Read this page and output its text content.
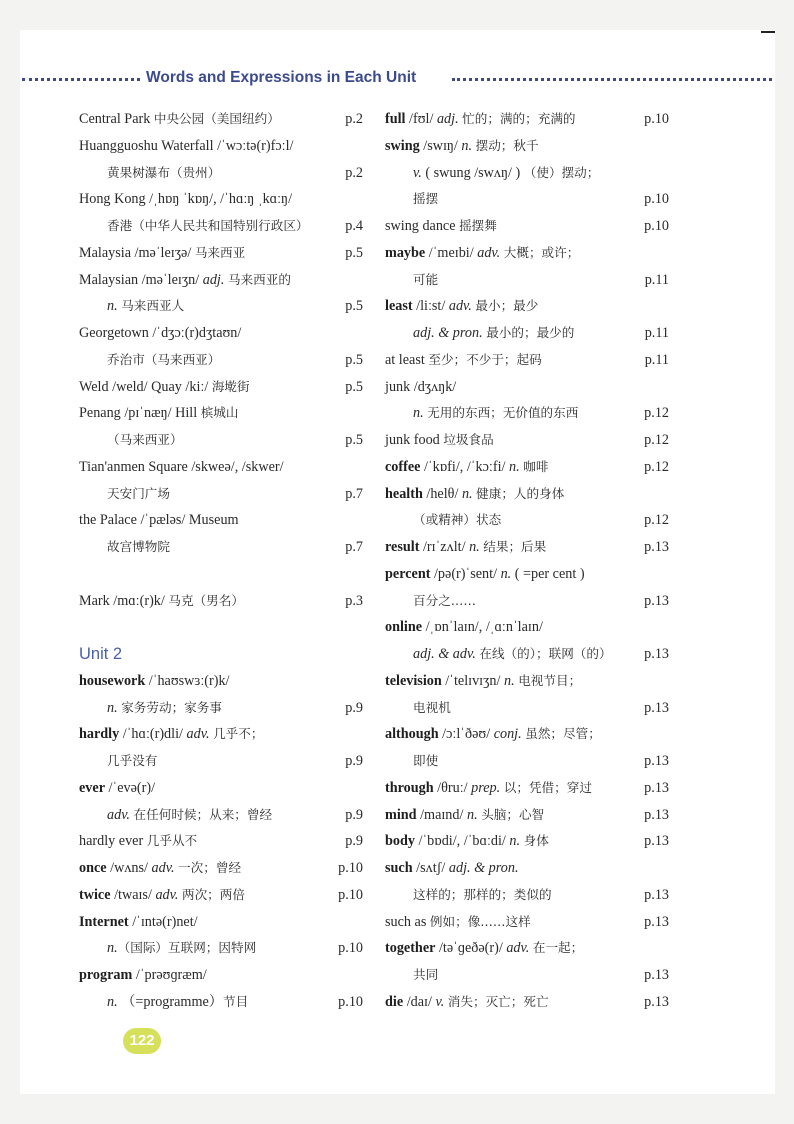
Words and Expressions in Each Unit
Central Park 中央公园（美国纽约）	p.2
Huangguoshu Waterfall /ˈwɔːtə(r)fɔːl/
黄果树瀑布（贵州）	p.2
Hong Kong /ˌhɒŋ ˈkɒŋ/, /ˈhɑːŋ ˌkɑːŋ/
香港（中华人民共和国特别行政区）	p.4
Malaysia /məˈleɪʒə/ 马来西亚	p.5
Malaysian /məˈleɪʒn/ adj. 马来西亚的
n. 马来西亚人	p.5
Georgetown /ˈdʒɔː(r)dʒtaʊn/
乔治市（马来西亚）	p.5
Weld /weld/ Quay /kiː/ 海墘街	p.5
Penang /pɪˈnæŋ/ Hill 槟城山
（马来西亚）	p.5
Tian'anmen Square /skweə/, /skwer/
天安门广场	p.7
the Palace /ˈpæləs/ Museum
故宫博物院	p.7
Mark /mɑː(r)k/ 马克（男名）	p.3
Unit 2
housework /ˈhaʊswɜː(r)k/
n. 家务劳动；家务事	p.9
hardly /ˈhɑː(r)dli/ adv. 几乎不；
几乎没有	p.9
ever /ˈevə(r)/
adv. 在任何时候；从来；曾经	p.9
hardly ever 几乎从不	p.9
once /wʌns/ adv. 一次；曾经	p.10
twice /twaɪs/ adv. 两次；两倍	p.10
Internet /ˈɪntə(r)net/
n.（国际）互联网；因特网	p.10
program /ˈprəʊɡræm/
n. （=programme）节目	p.10
full /fʊl/ adj. 忙的；满的；充满的	p.10
swing /swɪŋ/ n. 摆动；秋千
v. ( swung /swʌŋ/ ) （使）摆动；
摇摆	p.10
swing dance 摇摆舞	p.10
maybe /ˈmeɪbi/ adv. 大概；或许；
可能	p.11
least /liːst/ adv. 最小；最少
adj. & pron. 最小的；最少的	p.11
at least 至少；不少于；起码	p.11
junk /dʒʌŋk/
n. 无用的东西；无价值的东西	p.12
junk food 垃圾食品	p.12
coffee /ˈkɒfi/, /ˈkɔːfi/ n. 咖啡	p.12
health /helθ/ n. 健康；人的身体
（或精神）状态	p.12
result /rɪˈzʌlt/ n. 结果；后果	p.13
percent /pə(r)ˈsent/ n. ( =per cent )
百分之……	p.13
online /ˌɒnˈlaɪn/, /ˌɑːnˈlaɪn/
adj. & adv. 在线（的）；联网（的） p.13
television /ˈtelɪvɪʒn/ n. 电视节目；
电视机	p.13
although /ɔːlˈðəʊ/ conj. 虽然；尽管；
即使	p.13
through /θruː/ prep. 以；凭借；穿过	p.13
mind /maɪnd/ n. 头脑；心智	p.13
body /ˈbɒdi/, /ˈbɑːdi/ n. 身体	p.13
such /sʌtʃ/ adj. & pron.
这样的；那样的；类似的	p.13
such as 例如；像……这样	p.13
together /təˈɡeðə(r)/ adv. 在一起；
共同	p.13
die /daɪ/ v. 消失；灭亡；死亡	p.13
122
